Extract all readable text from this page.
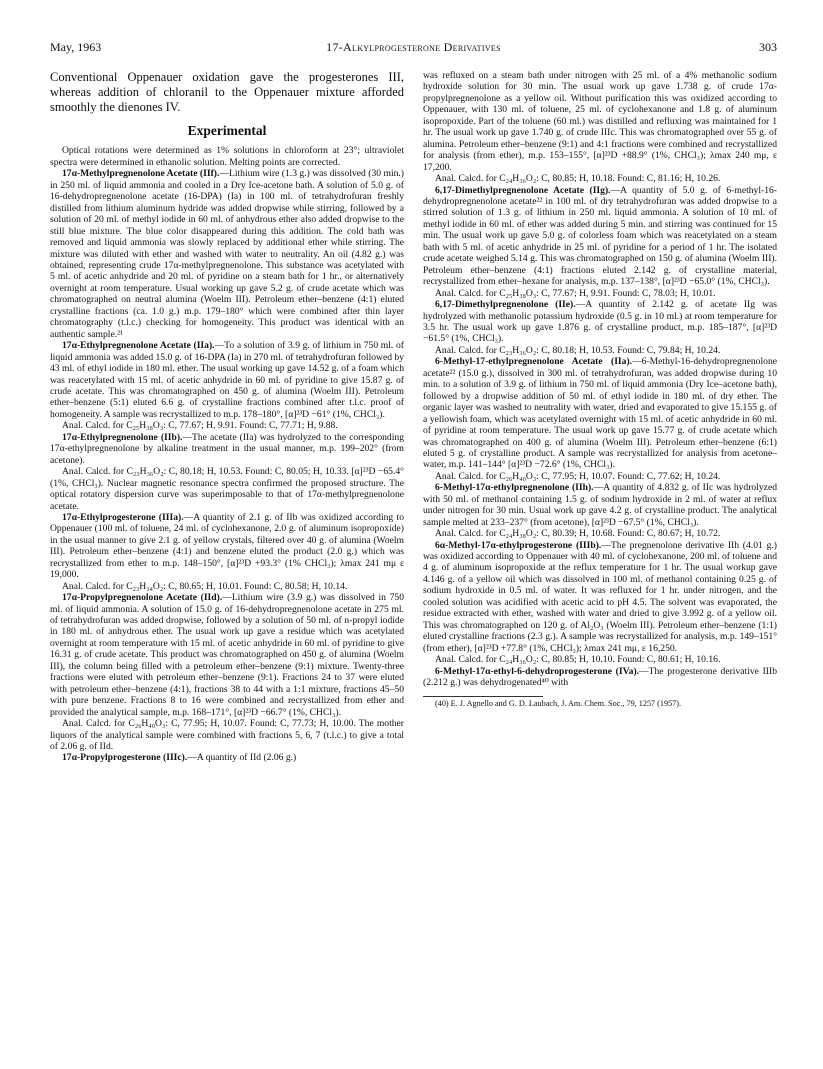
May, 1963	17-Alkylprogesterone Derivatives	303

Conventional Oppenauer oxidation gave the progesterones III, whereas addition of chloranil to the Oppenauer mixture afforded smoothly the dienones IV.

Experimental

Optical rotations were determined as 1% solutions in chloroform at 23°; ultraviolet spectra were determined in ethanolic solution. Melting points are corrected.

17α-Methylpregnenolone Acetate (IIf).—Lithium wire (1.3 g.) was dissolved (30 min.) in 250 ml. of liquid ammonia and cooled in a Dry Ice-acetone bath. A solution of 5.0 g. of 16-dehydropregnenolone acetate (16-DPA) (Ia) in 100 ml. of tetrahydrofuran freshly distilled from lithium aluminum hydride was added dropwise while stirring, followed by a solution of 20 ml. of methyl iodide in 60 ml. of anhydrous ether also added dropwise to the still blue mixture. The blue color disappeared during this addition. The cold bath was removed and liquid ammonia was slowly replaced by additional ether while stirring. The mixture was diluted with ether and washed with water to neutrality. An oil (4.82 g.) was obtained, representing crude 17α-methylpregnenolone. This substance was acetylated with 5 ml. of acetic anhydride and 20 ml. of pyridine on a steam bath for 1 hr., or alternatively overnight at room temperature. Usual working up gave 5.2 g. of crude acetate which was chromatographed on neutral alumina (Woelm III). Petroleum ether–benzene (4:1) eluted crystalline fractions (ca. 1.0 g.) m.p. 179–180° which were combined after thin layer chromatography (t.l.c.) checking for homogeneity. This product was identical with an authentic sample.²¹

17α-Ethylpregnenolone Acetate (IIa).—To a solution of 3.9 g. of lithium in 750 ml. of liquid ammonia was added 15.0 g. of 16-DPA (Ia) in 270 ml. of tetrahydrofuran followed by 43 ml. of ethyl iodide in 180 ml. ether. The usual working up gave 14.52 g. of a foam which was reacetylated with 15 ml. of acetic anhydride in 60 ml. of pyridine to give 15.87 g. of crude acetate. This was chromatographed on 450 g. of alumina (Woelm III). Petroleum ether–benzene (5:1) eluted 6.6 g. of crystalline fractions combined after t.l.c. proof of homogeneity. A sample was recrystallized to m.p. 178–180°, [α]²³D −61° (1%, CHCl₃).

Anal. Calcd. for C₂₅H₃₈O₃: C, 77.67; H, 9.91. Found: C, 77.71; H, 9.88.

17α-Ethylpregnenolone (IIb).—The acetate (IIa) was hydrolyzed to the corresponding 17α-ethylpregnenolone by alkaline treatment in the usual manner, m.p. 199–202° (from acetone).

Anal. Calcd. for C₂₃H₃₆O₂: C, 80.18; H, 10.53. Found: C, 80.05; H, 10.33. [α]²³D −65.4° (1%, CHCl₃). Nuclear magnetic resonance spectra confirmed the proposed structure. The optical rotatory dispersion curve was superimposable to that of 17α-methylpregnenolone acetate.

17α-Ethylprogesterone (IIIa).—A quantity of 2.1 g. of IIb was oxidized according to Oppenauer (100 ml. of toluene, 24 ml. of cyclohexanone, 2.0 g. of aluminum isopropoxide) in the usual manner to give 2.1 g. of yellow crystals, filtered over 40 g. of alumina (Woelm III). Petroleum ether–benzene (4:1) and benzene eluted the product (2.0 g.) which was recrystallized from ether to m.p. 148–150°, [α]²³D +93.3° (1% CHCl₃); λmax 241 mμ ε 19,000.

Anal. Calcd. for C₂₃H₃₄O₂: C, 80.65; H, 10.01. Found: C, 80.58; H, 10.14.

17α-Propylpregnenolone Acetate (IId).—Lithium wire (3.9 g.) was dissolved in 750 ml. of liquid ammonia. A solution of 15.0 g. of 16-dehydropregnenolone acetate in 275 ml. of tetrahydrofuran was added dropwise, followed by a solution of 50 ml. of n-propyl iodide in 180 ml. of anhydrous ether. The usual work up gave a residue which was acetylated overnight at room temperature with 15 ml. of acetic anhydride in 60 ml. of pyridine to give 16.31 g. of crude acetate. This product was chromatographed on 450 g. of alumina (Woelm III), the column being filled with a petroleum ether–benzene (9:1) mixture. Twenty-three fractions were eluted with petroleum ether–benzene (9:1). Fractions 24 to 37 were eluted with petroleum ether–benzene (4:1), fractions 38 to 44 with a 1:1 mixture, fractions 45–50 with pure benzene. Fractions 8 to 16 were combined and recrystallized from ether and provided the analytical sample, m.p. 168–171°, [α]²³D −66.7° (1%, CHCl₃).

Anal. Calcd. for C₂₆H₄₀O₃: C, 77.95; H, 10.07. Found: C, 77.73; H, 10.00. The mother liquors of the analytical sample were combined with fractions 5, 6, 7 (t.l.c.) to give a total of 2.06 g. of IId.

17α-Propylprogesterone (IIIc).—A quantity of IId (2.06 g.)

was refluxed on a steam bath under nitrogen with 25 ml. of a 4% methanolic sodium hydroxide solution for 30 min. The usual work up gave 1.738 g. of crude 17α-propylpregnenolone as a yellow oil. Without purification this was oxidized according to Oppenauer, with 130 ml. of toluene, 25 ml. of cyclohexanone and 1.8 g. of aluminum isopropoxide. Part of the toluene (60 ml.) was distilled and refluxing was maintained for 1 hr. The usual work up gave 1.740 g. of crude IIIc. This was chromatographed over 55 g. of alumina. Petroleum ether–benzene (9:1) and 4:1 fractions were combined and recrystallized for analysis (from ether), m.p. 153–155°, [α]²³D +88.9° (1%, CHCl₃); λmax 240 mμ, ε 17,200.

Anal. Calcd. for C₂₄H₃₆O₂: C, 80.85; H, 10.18. Found: C, 81.16; H, 10.26.

6,17-Dimethylpregnenolone Acetate (IIg).—A quantity of 5.0 g. of 6-methyl-16-dehydropregnenolone acetate²² in 100 ml. of dry tetrahydrofuran was added dropwise to a stirred solution of 1.3 g. of lithium in 250 ml. liquid ammonia. A solution of 10 ml. of methyl iodide in 60 ml. of ether was added during 5 min. and stirring was continued for 15 min. The usual work up gave 5.0 g. of colorless foam which was reacetylated on a steam bath with 5 ml. of acetic anhydride in 25 ml. of pyridine for a period of 1 hr. The isolated crude acetate weighed 5.14 g. This was chromatographed on 150 g. of alumina (Woelm III). Petroleum ether–benzene (4:1) fractions eluted 2.142 g. of crystalline material, recrystallized from ether–hexane for analysis, m.p. 137–138°, [α]²³D −65.0° (1%, CHCl₃).

Anal. Calcd. for C₂₅H₃₈O₃: C, 77.67; H, 9.91. Found: C, 78.03; H, 10.01.

6,17-Dimethylpregnenolone (IIe).—A quantity of 2.142 g. of acetate IIg was hydrolyzed with methanolic potassium hydroxide (0.5 g. in 10 ml.) at room temperature for 3.5 hr. The usual work up gave 1.876 g. of crystalline product, m.p. 185–187°, [α]²³D −61.5° (1%, CHCl₃).

Anal. Calcd. for C₂₃H₃₆O₂: C, 80.18; H, 10.53. Found: C, 79.84; H, 10.24.

6-Methyl-17-ethylpregnenolone Acetate (IIa).—6-Methyl-16-dehydropregnenolone acetate²² (15.0 g.), dissolved in 300 ml. of tetrahydrofuran, was added dropwise during 10 min. to a solution of 3.9 g. of lithium in 750 ml. of liquid ammonia (Dry Ice–acetone bath), followed by a dropwise addition of 50 ml. of ethyl iodide in 180 ml. of dry ether. The organic layer was washed to neutrality with water, dried and evaporated to give 15.155 g. of a yellowish foam, which was acetylated overnight with 15 ml. of acetic anhydride in 60 ml. of pyridine at room temperature. The usual work up gave 15.77 g. of crude acetate which was chromatographed on 400 g. of alumina (Woelm III). Petroleum ether–benzene (6:1) eluted 5 g. of crystalline product. A sample was recrystallized for analysis from acetone–water, m.p. 141–144° [α]²³D −72.6° (1%, CHCl₃).

Anal. Calcd. for C₂₆H₄₀O₃: C, 77.95; H, 10.07. Found: C, 77.62; H, 10.24.

6-Methyl-17α-ethylpregnenolone (IIh).—A quantity of 4.832 g. of IIc was hydrolyzed with 50 ml. of methanol containing 1.5 g. of sodium hydroxide in 2 ml. of water at reflux under nitrogen for 30 min. Usual work up gave 4.2 g. of crystalline product. The analytical sample melted at 233–237° (from acetone), [α]²³D −67.5° (1%, CHCl₃).

Anal. Calcd. for C₂₄H₃₈O₂: C, 80.39; H, 10.68. Found: C, 80.67; H, 10.72.

6α-Methyl-17α-ethylprogesterone (IIIb).—The pregnenolone derivative IIh (4.01 g.) was oxidized according to Oppenauer with 40 ml. of cyclohexanone, 200 ml. of toluene and 4 g. of aluminum isopropoxide at the reflux temperature for 1 hr. The usual workup gave 4.146 g. of a yellow oil which was dissolved in 100 ml. of methanol containing 0.25 g. of sodium hydroxide in 0.5 ml. of water. It was refluxed for 1 hr. under nitrogen, and the cooled solution was acidified with acetic acid to pH 4.5. The solvent was evaporated, the residue extracted with ether, washed with water and dried to give 3.992 g. of a yellow oil. This was chromatographed on 120 g. of Al₂O₃ (Woelm III). Petroleum ether–benzene (1:1) eluted crystalline fractions (2.3 g.). A sample was recrystallized for analysis, m.p. 149–151° (from ether), [α]²³D +77.8° (1%, CHCl₃); λmax 241 mμ, ε 16,250.

Anal. Calcd. for C₂₄H₃₆O₂: C, 80.85; H, 10.10. Found: C, 80.61; H, 10.16.

6-Methyl-17α-ethyl-6-dehydroprogesterone (IVa).—The progesterone derivative IIIb (2.212 g.) was dehydrogenated⁴⁰ with

(40) E. J. Agnello and G. D. Laubach, J. Am. Chem. Soc., 79, 1257 (1957).
